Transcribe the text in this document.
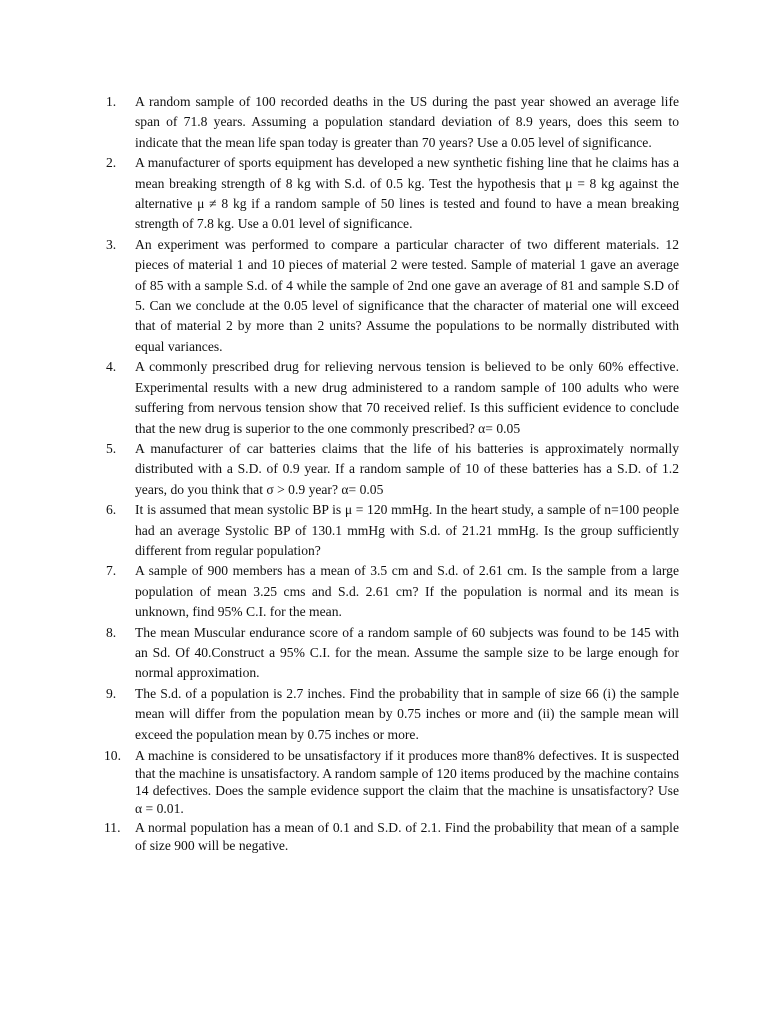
1.	A random sample of 100 recorded deaths in the US during the past year showed an average life span of 71.8 years. Assuming a population standard deviation of 8.9 years, does this seem to indicate that the mean life span today is greater than 70 years? Use a 0.05 level of significance.
2.	A manufacturer of sports equipment has developed a new synthetic fishing line that he claims has a mean breaking strength of 8 kg with S.d. of 0.5 kg. Test the hypothesis that μ = 8 kg against the alternative μ ≠ 8 kg if a random sample of 50 lines is tested and found to have a mean breaking strength of 7.8 kg. Use a 0.01 level of significance.
3.	An experiment was performed to compare a particular character of two different materials. 12 pieces of material 1 and 10 pieces of material 2 were tested. Sample of material 1 gave an average of 85 with a sample S.d. of 4 while the sample of 2nd one gave an average of 81 and sample S.D of 5. Can we conclude at the 0.05 level of significance that the character of material one will exceed that of material 2 by more than 2 units? Assume the populations to be normally distributed with equal variances.
4.	A commonly prescribed drug for relieving nervous tension is believed to be only 60% effective. Experimental results with a new drug administered to a random sample of 100 adults who were suffering from nervous tension show that 70 received relief. Is this sufficient evidence to conclude that the new drug is superior to the one commonly prescribed? α= 0.05
5.	A manufacturer of car batteries claims that the life of his batteries is approximately normally distributed with a S.D. of 0.9 year. If a random sample of 10 of these batteries has a S.D. of 1.2 years, do you think that σ > 0.9 year? α= 0.05
6.	It is assumed that mean systolic BP is μ = 120 mmHg. In the heart study, a sample of n=100 people had an average Systolic BP of 130.1 mmHg with S.d. of 21.21 mmHg. Is the group sufficiently different from regular population?
7.	A sample of 900 members has a mean of 3.5 cm and S.d. of 2.61 cm. Is the sample from a large population of mean 3.25 cms and S.d. 2.61 cm? If the population is normal and its mean is unknown, find 95% C.I. for the mean.
8.	The mean Muscular endurance score of a random sample of 60 subjects was found to be 145 with an Sd. Of 40.Construct a 95% C.I. for the mean. Assume the sample size to be large enough for normal approximation.
9.	The S.d. of a population is 2.7 inches. Find the probability that in sample of size 66 (i) the sample mean will differ from the population mean by 0.75 inches or more and (ii) the sample mean will exceed the population mean by 0.75 inches or more.
10.	A machine is considered to be unsatisfactory if it produces more than8% defectives. It is suspected that the machine is unsatisfactory. A random sample of 120 items produced by the machine contains 14 defectives. Does the sample evidence support the claim that the machine is unsatisfactory? Use α = 0.01.
11.	A normal population has a mean of 0.1 and S.D. of 2.1. Find the probability that mean of a sample of size 900 will be negative.
